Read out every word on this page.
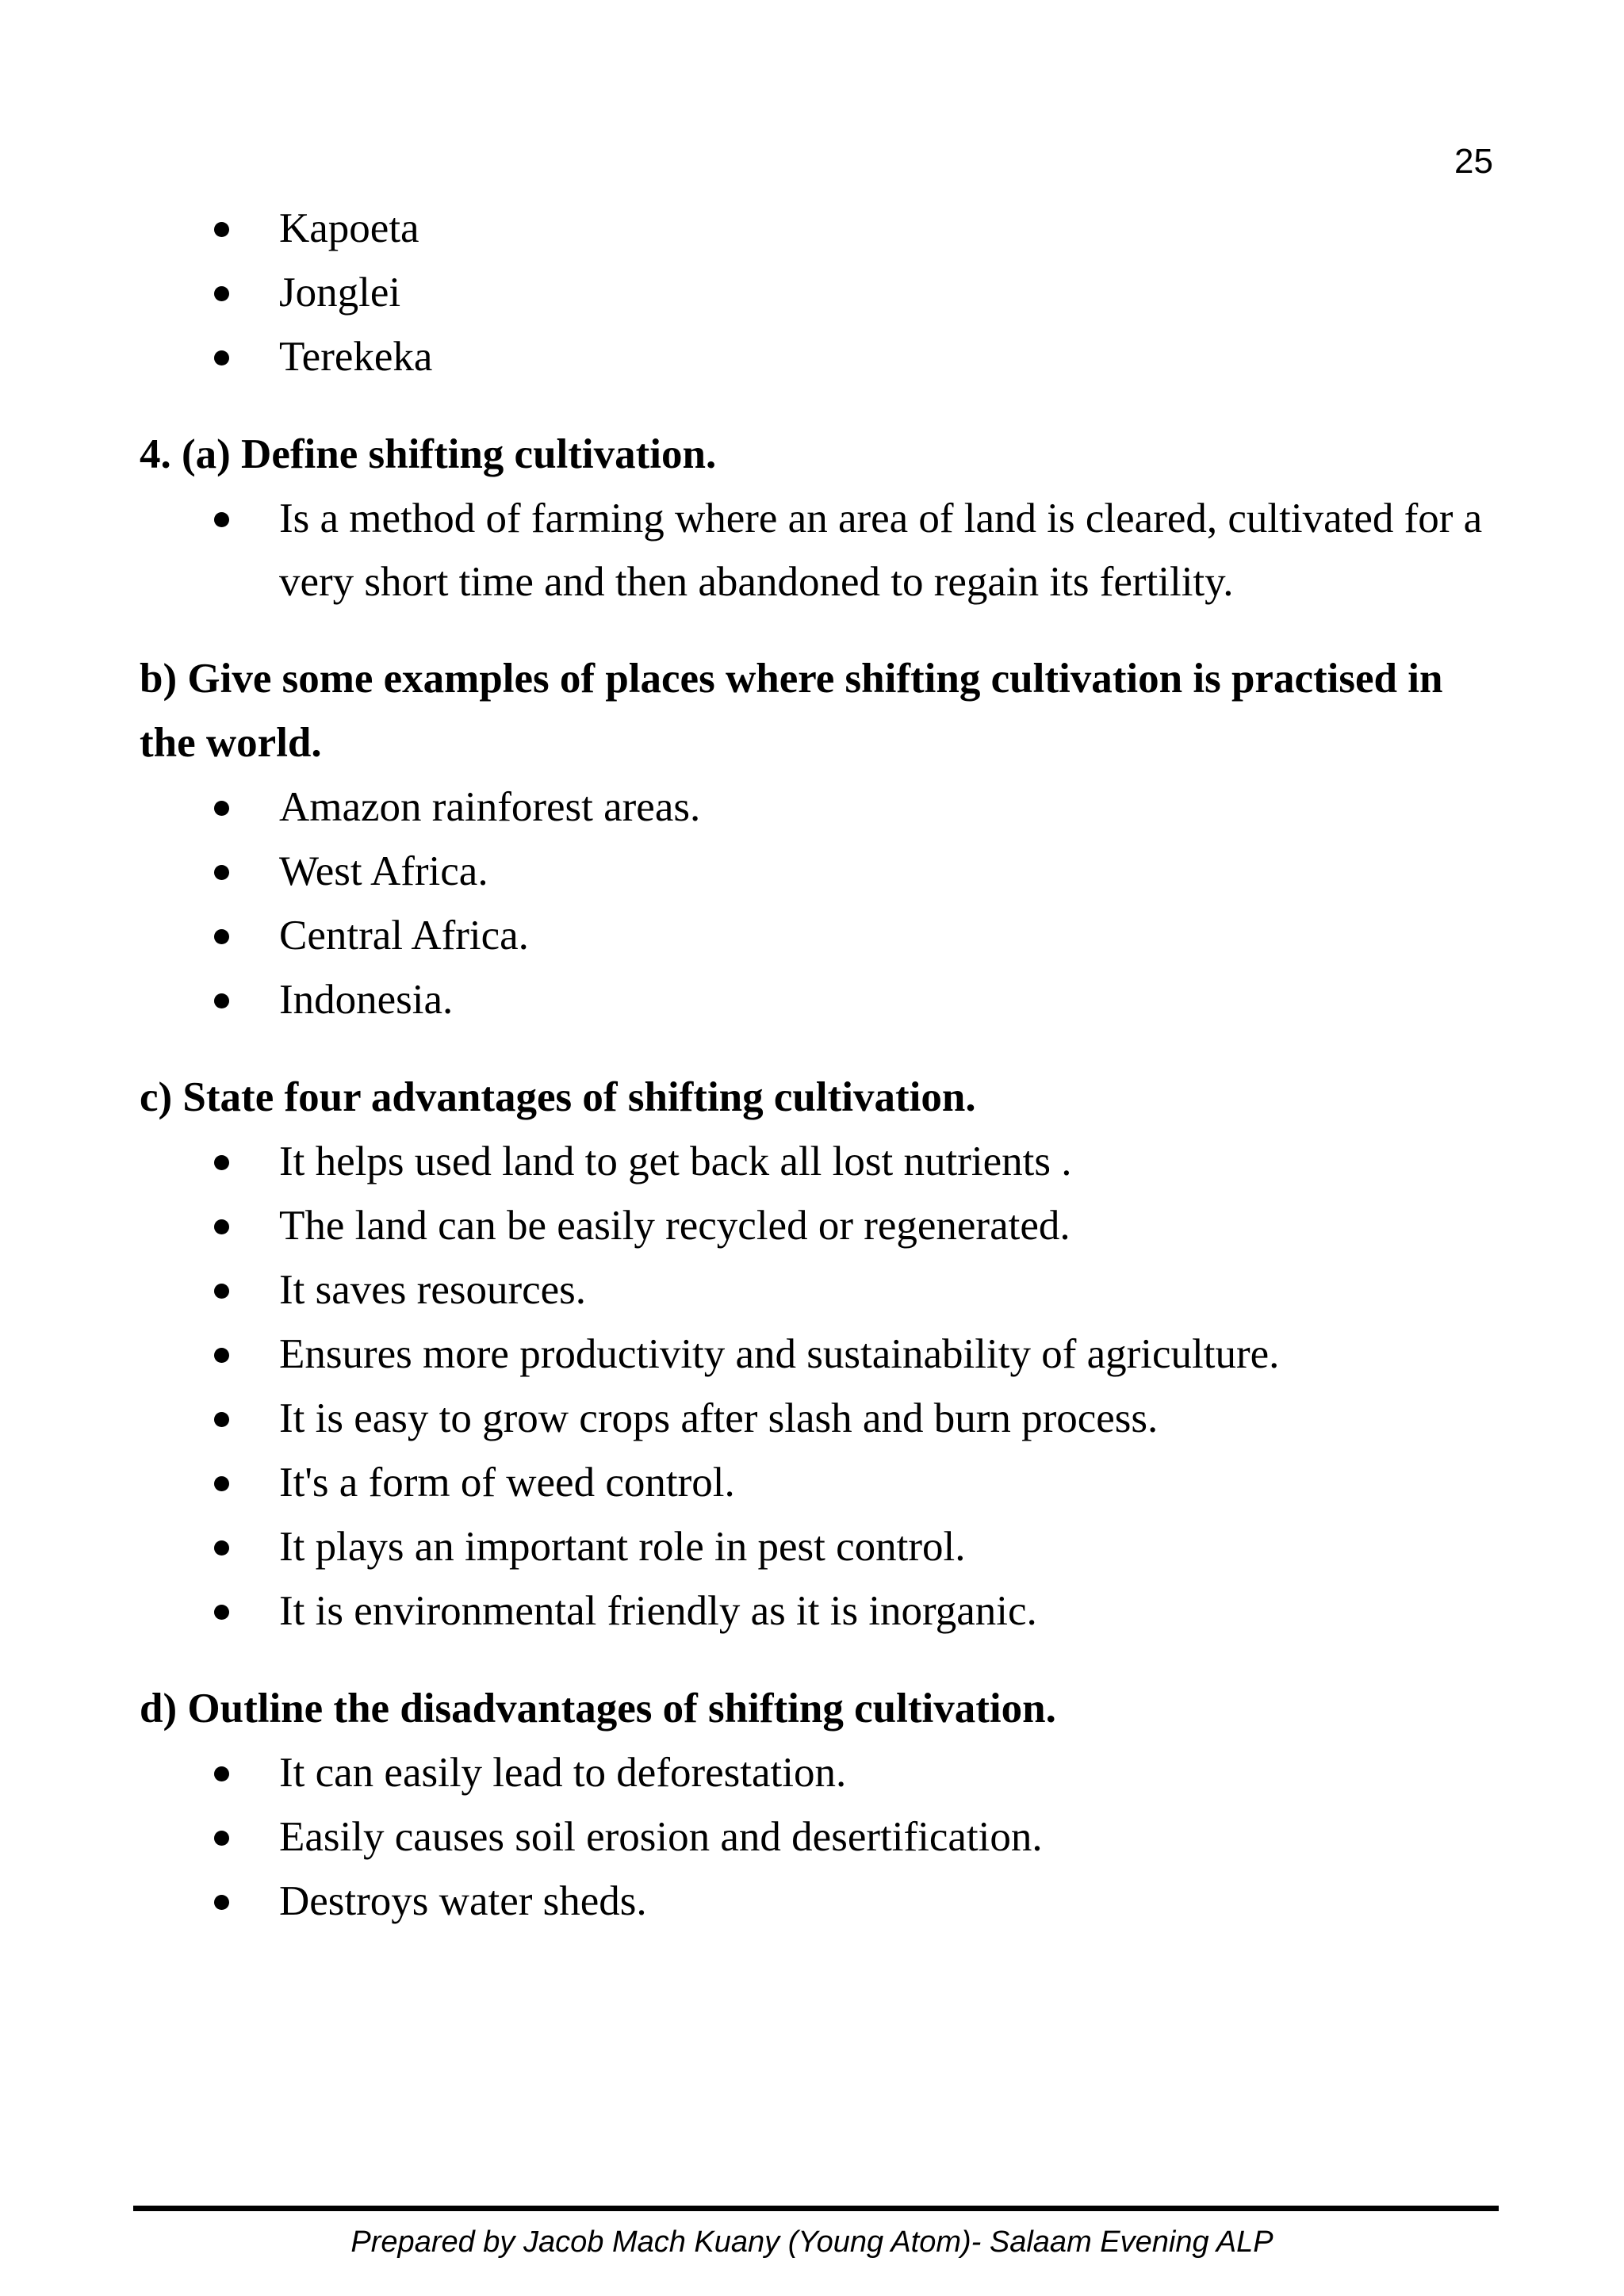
25
Kapoeta
Jonglei
Terekeka

4. (a) Define shifting cultivation.

Is a method of farming where an area of land is cleared, cultivated for a very short time and then abandoned to regain its fertility.

b) Give some examples of places where shifting cultivation is practised in the world.

Amazon rainforest areas.
West Africa.
Central Africa.
Indonesia.

c) State four advantages of shifting cultivation.

It helps used land to get back all lost nutrients .
The land can be easily recycled or regenerated.
It saves resources.
Ensures more productivity and sustainability of agriculture.
It is easy to grow crops after slash and burn process.
It's a form of weed control.
It plays an important role in pest control.
It is environmental friendly as it is inorganic.

d) Outline the disadvantages of shifting cultivation.

It can easily lead to deforestation.
Easily causes soil erosion and desertification.
Destroys water sheds.
Prepared by Jacob Mach Kuany (Young Atom)- Salaam Evening ALP
